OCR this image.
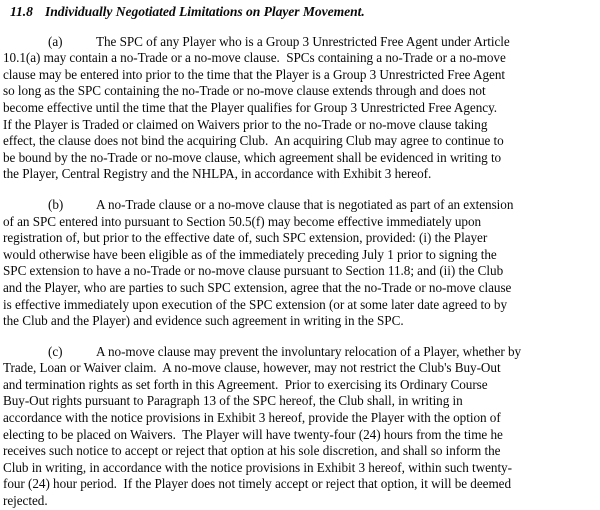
11.8 Individually Negotiated Limitations on Player Movement.
(a)	The SPC of any Player who is a Group 3 Unrestricted Free Agent under Article
10.1(a) may contain a no-Trade or a no-move clause.  SPCs containing a no-Trade or a no-move
clause may be entered into prior to the time that the Player is a Group 3 Unrestricted Free Agent
so long as the SPC containing the no-Trade or no-move clause extends through and does not
become effective until the time that the Player qualifies for Group 3 Unrestricted Free Agency.
If the Player is Traded or claimed on Waivers prior to the no-Trade or no-move clause taking
effect, the clause does not bind the acquiring Club.  An acquiring Club may agree to continue to
be bound by the no-Trade or no-move clause, which agreement shall be evidenced in writing to
the Player, Central Registry and the NHLPA, in accordance with Exhibit 3 hereof.
(b) A no-Trade clause or a no-move clause that is negotiated as part of an extension
of an SPC entered into pursuant to Section 50.5(f) may become effective immediately upon
registration of, but prior to the effective date of, such SPC extension, provided: (i) the Player
would otherwise have been eligible as of the immediately preceding July 1 prior to signing the
SPC extension to have a no-Trade or no-move clause pursuant to Section 11.8; and (ii) the Club
and the Player, who are parties to such SPC extension, agree that the no-Trade or no-move clause
is effective immediately upon execution of the SPC extension (or at some later date agreed to by
the Club and the Player) and evidence such agreement in writing in the SPC.
(c)	A no-move clause may prevent the involuntary relocation of a Player, whether by
Trade, Loan or Waiver claim.  A no-move clause, however, may not restrict the Club's Buy-Out
and termination rights as set forth in this Agreement.  Prior to exercising its Ordinary Course
Buy-Out rights pursuant to Paragraph 13 of the SPC hereof, the Club shall, in writing in
accordance with the notice provisions in Exhibit 3 hereof, provide the Player with the option of
electing to be placed on Waivers.  The Player will have twenty-four (24) hours from the time he
receives such notice to accept or reject that option at his sole discretion, and shall so inform the
Club in writing, in accordance with the notice provisions in Exhibit 3 hereof, within such twenty-
four (24) hour period.  If the Player does not timely accept or reject that option, it will be deemed
rejected.
